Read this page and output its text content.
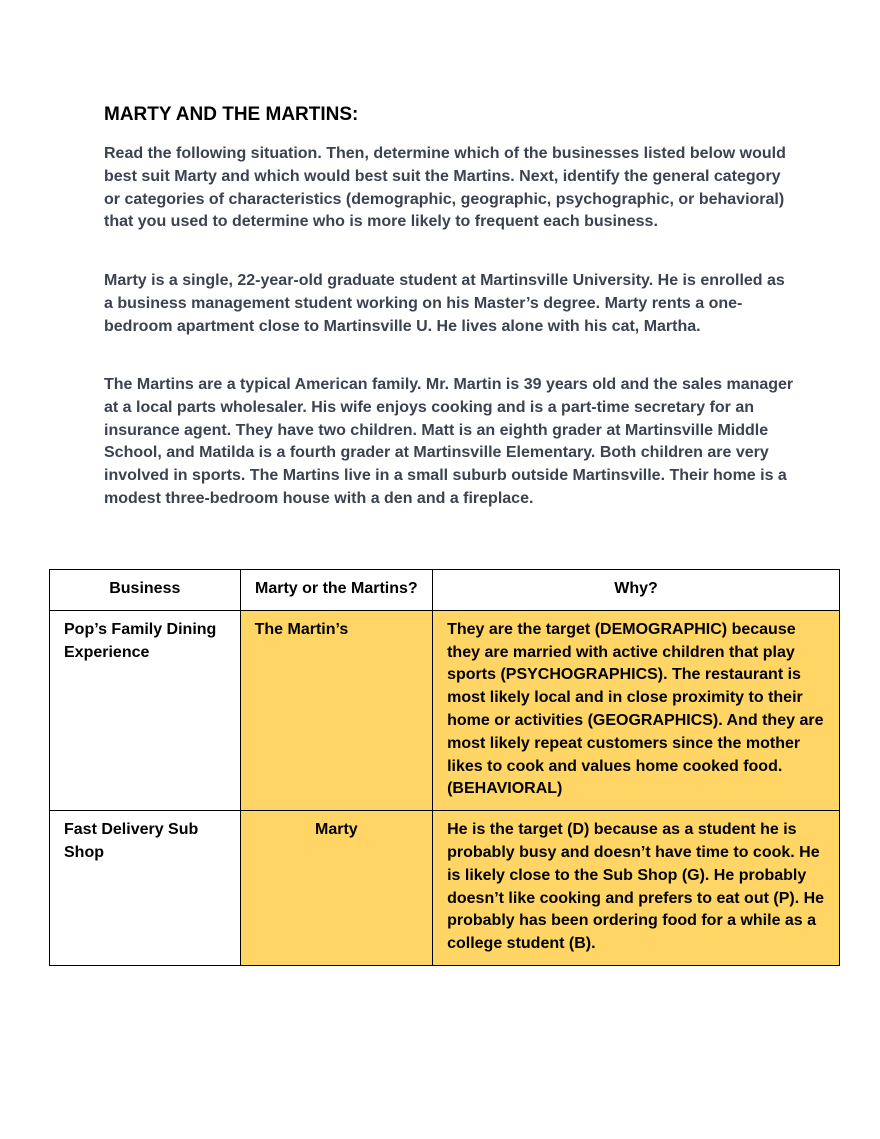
MARTY AND THE MARTINS:

Read the following situation. Then, determine which of the businesses listed below would best suit Marty and which would best suit the Martins. Next, identify the general category or categories of characteristics (demographic, geographic, psychographic, or behavioral) that you used to determine who is more likely to frequent each business.

Marty is a single, 22-year-old graduate student at Martinsville University. He is enrolled as a business management student working on his Master’s degree. Marty rents a one-bedroom apartment close to Martinsville U. He lives alone with his cat, Martha.

The Martins are a typical American family. Mr. Martin is 39 years old and the sales manager at a local parts wholesaler. His wife enjoys cooking and is a part-time secretary for an insurance agent. They have two children. Matt is an eighth grader at Martinsville Middle School, and Matilda is a fourth grader at Martinsville Elementary. Both children are very involved in sports. The Martins live in a small suburb outside Martinsville. Their home is a modest three-bedroom house with a den and a fireplace.

Business	Marty or the Martins?	Why?
Pop’s Family Dining Experience	The Martin’s	They are the target (DEMOGRAPHIC) because they are married with active children that play sports (PSYCHOGRAPHICS). The restaurant is most likely local and in close proximity to their home or activities (GEOGRAPHICS). And they are most likely repeat customers since the mother likes to cook and values home cooked food. (BEHAVIORAL)
Fast Delivery Sub Shop	Marty	He is the target (D) because as a student he is probably busy and doesn’t have time to cook. He is likely close to the Sub Shop (G). He probably doesn’t like cooking and prefers to eat out (P). He probably has been ordering food for a while as a college student (B).
